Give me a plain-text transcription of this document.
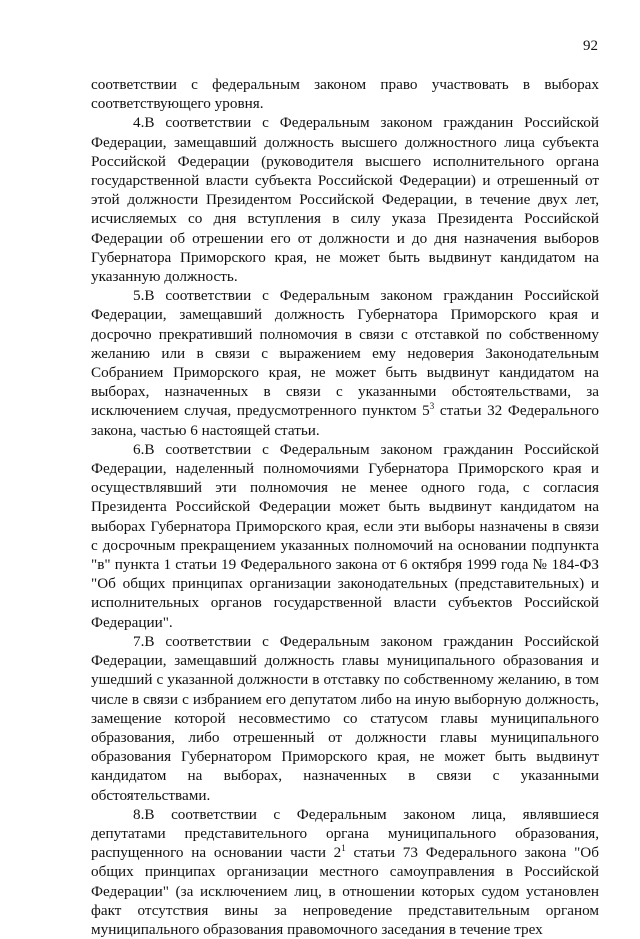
92

соответствии с федеральным законом право участвовать в выборах соответствующего уровня.

4.В соответствии с Федеральным законом гражданин Российской Федерации, замещавший должность высшего должностного лица субъекта Российской Федерации (руководителя высшего исполнительного органа государственной власти субъекта Российской Федерации) и отрешенный от этой должности Президентом Российской Федерации, в течение двух лет, исчисляемых со дня вступления в силу указа Президента Российской Федерации об отрешении его от должности и до дня назначения выборов Губернатора Приморского края, не может быть выдвинут кандидатом на указанную должность.

5.В соответствии с Федеральным законом гражданин Российской Федерации, замещавший должность Губернатора Приморского края и досрочно прекративший полномочия в связи с отставкой по собственному желанию или в связи с выражением ему недоверия Законодательным Собранием Приморского края, не может быть выдвинут кандидатом на выборах, назначенных в связи с указанными обстоятельствами, за исключением случая, предусмотренного пунктом $5^3$ статьи 32 Федерального закона, частью 6 настоящей статьи.

6.В соответствии с Федеральным законом гражданин Российской Федерации, наделенный полномочиями Губернатора Приморского края и осуществлявший эти полномочия не менее одного года, с согласия Президента Российской Федерации может быть выдвинут кандидатом на выборах Губернатора Приморского края, если эти выборы назначены в связи с досрочным прекращением указанных полномочий на основании подпункта "в" пункта 1 статьи 19 Федерального закона от 6 октября 1999 года № 184-ФЗ "Об общих принципах организации законодательных (представительных) и исполнительных органов государственной власти субъектов Российской Федерации".

7.В соответствии с Федеральным законом гражданин Российской Федерации, замещавший должность главы муниципального образования и ушедший с указанной должности в отставку по собственному желанию, в том числе в связи с избранием его депутатом либо на иную выборную должность, замещение которой несовместимо со статусом главы муниципального образования, либо отрешенный от должности главы муниципального образования Губернатором Приморского края, не может быть выдвинут кандидатом на выборах, назначенных в связи с указанными обстоятельствами.

8.В соответствии с Федеральным законом лица, являвшиеся депутатами представительного органа муниципального образования, распущенного на основании части $2^1$ статьи 73 Федерального закона "Об общих принципах организации местного самоуправления в Российской Федерации" (за исключением лиц, в отношении которых судом установлен факт отсутствия вины за непроведение представительным органом муниципального образования правомочного заседания в течение трех
